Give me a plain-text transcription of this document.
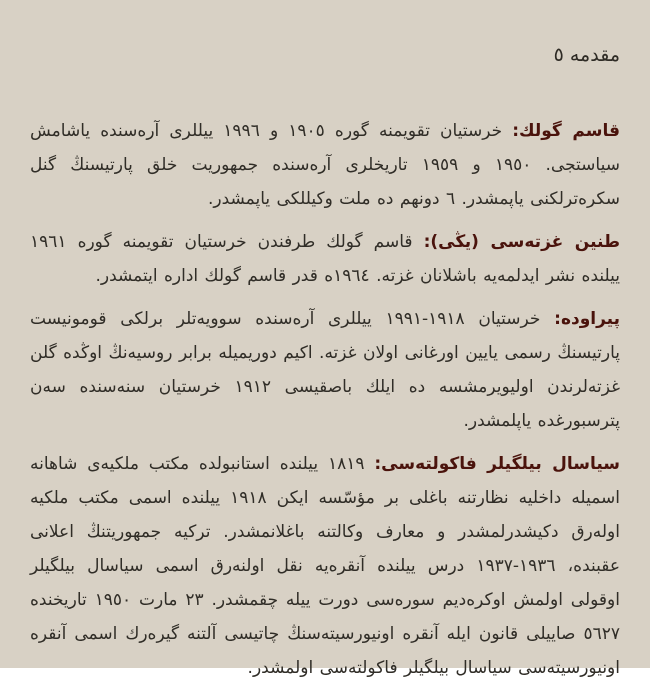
مقدمه ٥

قاسم گولك: خرستيان تقويمنه گوره ١٩٠٥ و ١٩٩٦ ييللرى آره‌سنده ياشامش سياستجى. ١٩٥٠ و ١٩٥٩ تاريخلرى آره‌سنده جمهوريت خلق پارتيسنڭ گنل سكره‌ترلكنى ياپمشدر. ٦ دونهم ده ملت وكيللكى ياپمشدر.

طنين غزته‌سى (يڭى): قاسم گولك طرفندن خرستيان تقويمنه گوره ١٩٦١ ييلنده نشر ايدلمه‌يه باشلانان غزته. ١٩٦٤ه قدر قاسم گولك اداره ايتمشدر.

پيراوده: خرستيان ١٩١٨-١٩٩١ ييللرى آره‌سنده سوويه‌تلر برلكى قومونيست پارتيسنڭ رسمى يايين اورغانى اولان غزته. اكيم دوريميله برابر روسيه‌نڭ اوڭده گلن غزته‌لرندن اوليويرمشسه ده ايلك باصقيسى ١٩١٢ خرستيان سنه‌سنده سه‌ن پترسبورغده ياپلمشدر.

سياسال بيلگيلر فاكولته‌سى: ١٨١٩ ييلنده استانبولده مكتب ملكيه‌ى شاهانه اسميله داخليه نظارتنه باغلى بر مؤسّسه ايكن ١٩١٨ ييلنده اسمى مكتب ملكيه اوله‌رق دكيشدرلمشدر و معارف وكالتنه باغلانمشدر. تركيه جمهوريتنڭ اعلانى عقبنده، ١٩٣٦-١٩٣٧ درس ييلنده آنقره‌يه نقل اولنه‌رق اسمى سياسال بيلگيلر اوقولى اولمش اوكره‌ديم سوره‌سى دورت ييله چقمشدر. ٢٣ مارت ١٩٥٠ تاريخنده ٥٦٢٧ صاييلى قانون ايله آنقره اونيورسيته‌سنڭ چاتيسى آلتنه گيره‌رك اسمى آنقره اونيورسيته‌سى سياسال بيلگيلر فاكولته‌سى اولمشدر.
